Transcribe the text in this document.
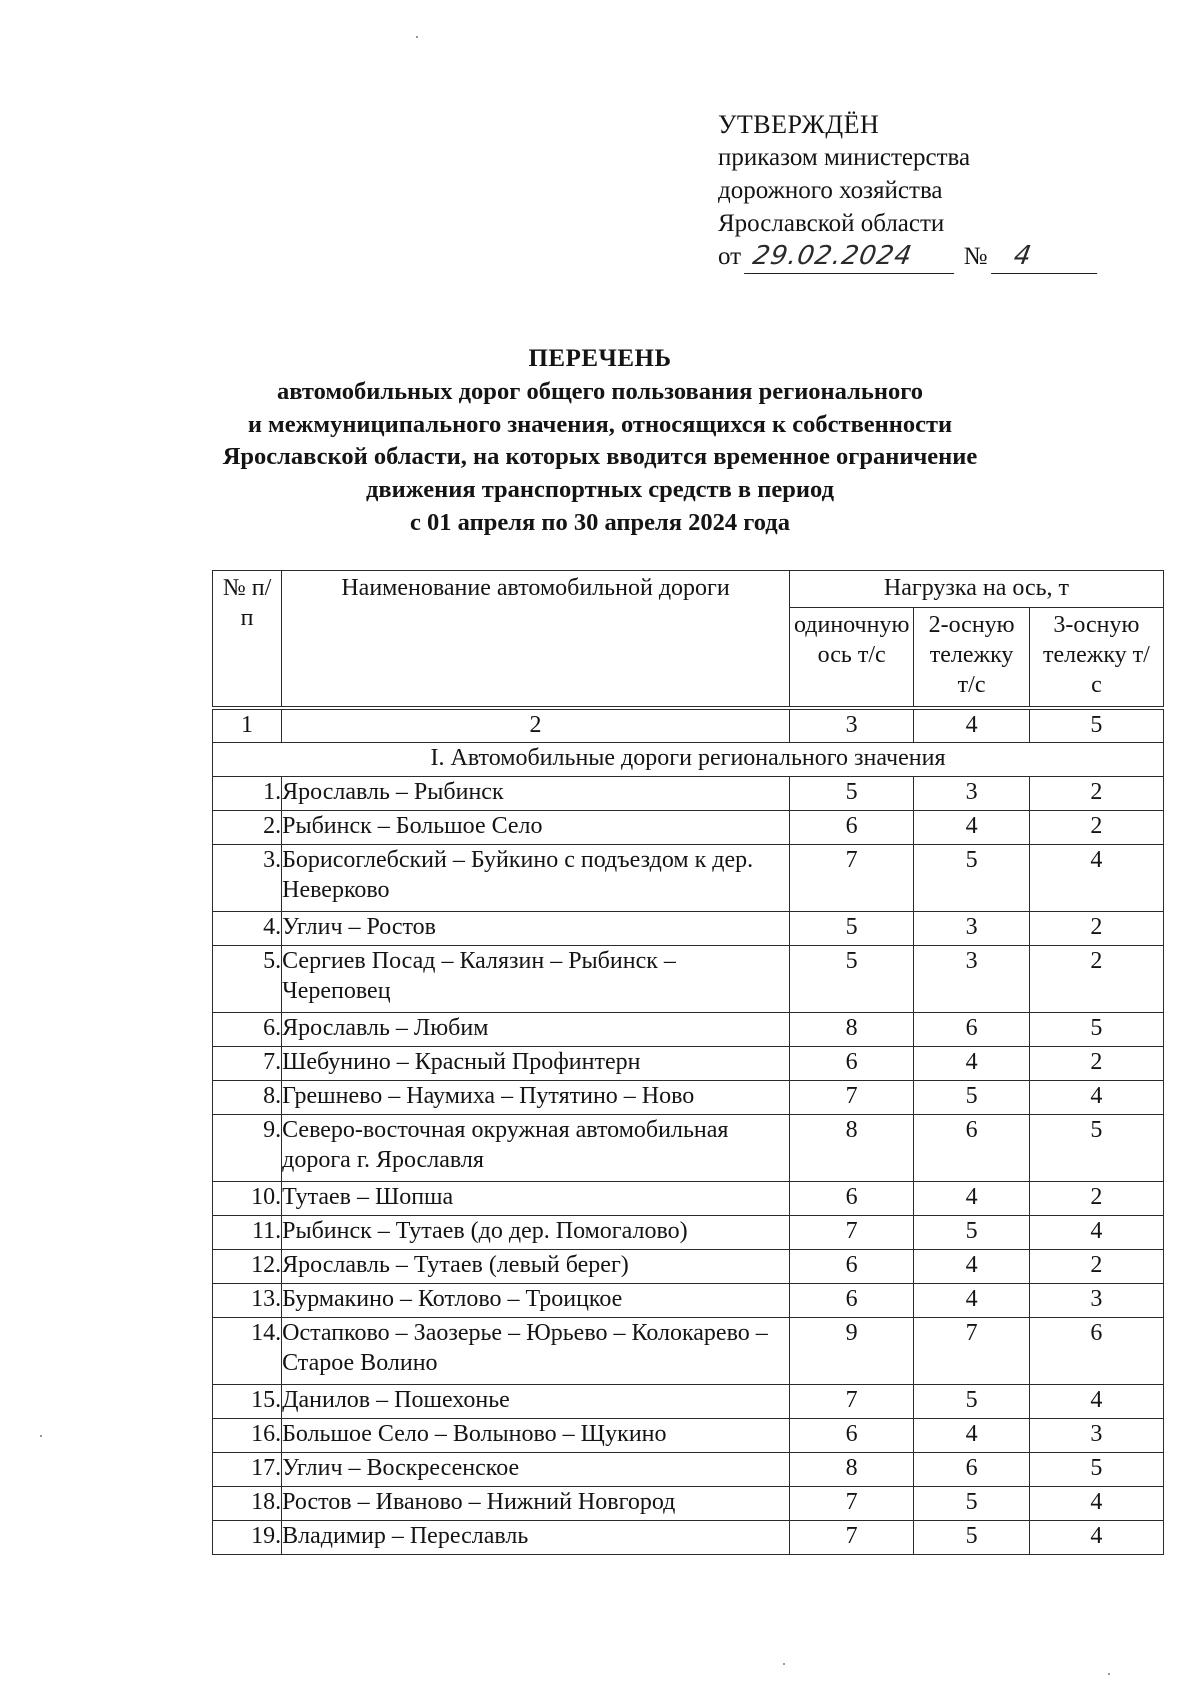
УТВЕРЖДЁН
приказом министерства
дорожного хозяйства
Ярославской области
от 29.02.2024 № 4
ПЕРЕЧЕНЬ
автомобильных дорог общего пользования регионального
и межмуниципального значения, относящихся к собственности
Ярославской области, на которых вводится временное ограничение
движения транспортных средств в период
с 01 апреля по 30 апреля 2024 года
№ п/п	Наименование автомобильной дороги	Нагрузка на ось, т		
		одиночную ось т/с	2-осную тележку т/с	3-осную тележку т/с
1	2	3	4	5
I. Автомобильные дороги регионального значения				
1.	Ярославль – Рыбинск	5	3	2
2.	Рыбинск – Большое Село	6	4	2
3.	Борисоглебский – Буйкино с подъездом к дер. Неверково	7	5	4
4.	Углич – Ростов	5	3	2
5.	Сергиев Посад – Калязин – Рыбинск – Череповец	5	3	2
6.	Ярославль – Любим	8	6	5
7.	Шебунино – Красный Профинтерн	6	4	2
8.	Грешнево – Наумиха – Путятино – Ново	7	5	4
9.	Северо-восточная окружная автомобильная дорога г. Ярославля	8	6	5
10.	Тутаев – Шопша	6	4	2
11.	Рыбинск – Тутаев (до дер. Помогалово)	7	5	4
12.	Ярославль – Тутаев (левый берег)	6	4	2
13.	Бурмакино – Котлово – Троицкое	6	4	3
14.	Остапково – Заозерье – Юрьево – Колокарево – Старое Волино	9	7	6
15.	Данилов – Пошехонье	7	5	4
16.	Большое Село – Волыново – Щукино	6	4	3
17.	Углич – Воскресенское	8	6	5
18.	Ростов – Иваново – Нижний Новгород	7	5	4
19.	Владимир – Переславль	7	5	4
